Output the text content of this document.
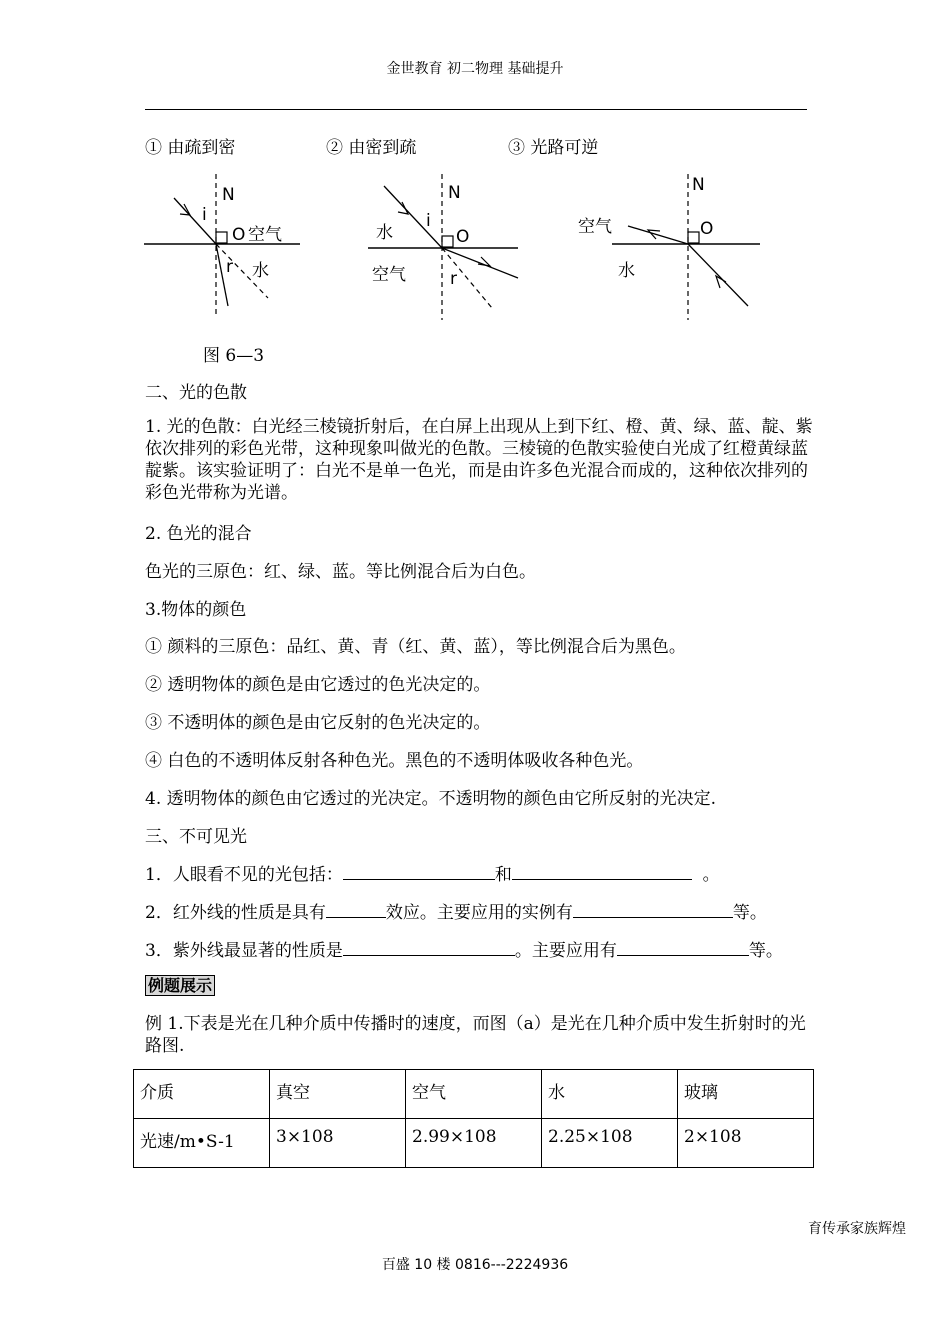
金世教育 初二物理 基础提升
① 由疏到密	② 由密到疏	③ 光路可逆
N
i
O 空气
水
r
N
i
O
水
空气	r
N
O
空气
水
图 6—3
二、光的色散
1. 光的色散：白光经三棱镜折射后，在白屏上出现从上到下红、橙、黄、绿、蓝、靛、紫依次排列的彩色光带，这种现象叫做光的色散。三棱镜的色散实验使白光成了红橙黄绿蓝靛紫。该实验证明了：白光不是单一色光，而是由许多色光混合而成的，这种依次排列的彩色光带称为光谱。
2. 色光的混合
色光的三原色：红、绿、蓝。等比例混合后为白色。
3.物体的颜色
① 颜料的三原色：品红、黄、青（红、黄、蓝），等比例混合后为黑色。
② 透明物体的颜色是由它透过的色光决定的。
③ 不透明体的颜色是由它反射的色光决定的。
④ 白色的不透明体反射各种色光。黑色的不透明体吸收各种色光。
4. 透明物体的颜色由它透过的光决定。不透明物的颜色由它所反射的光决定.
三、不可见光
1．人眼看不见的光包括：	和	。
2．红外线的性质是具有	效应。主要应用的实例有	等。
3．紫外线最显著的性质是	。主要应用有	等。
例题展示
例 1.下表是光在几种介质中传播时的速度，而图（a）是光在几种介质中发生折射时的光路图.
介质	真空	空气	水	玻璃
光速/m•S-1	3×108	2.99×108	2.25×108	2×108
育传承家族辉煌
百盛 10 楼 0816---2224936
